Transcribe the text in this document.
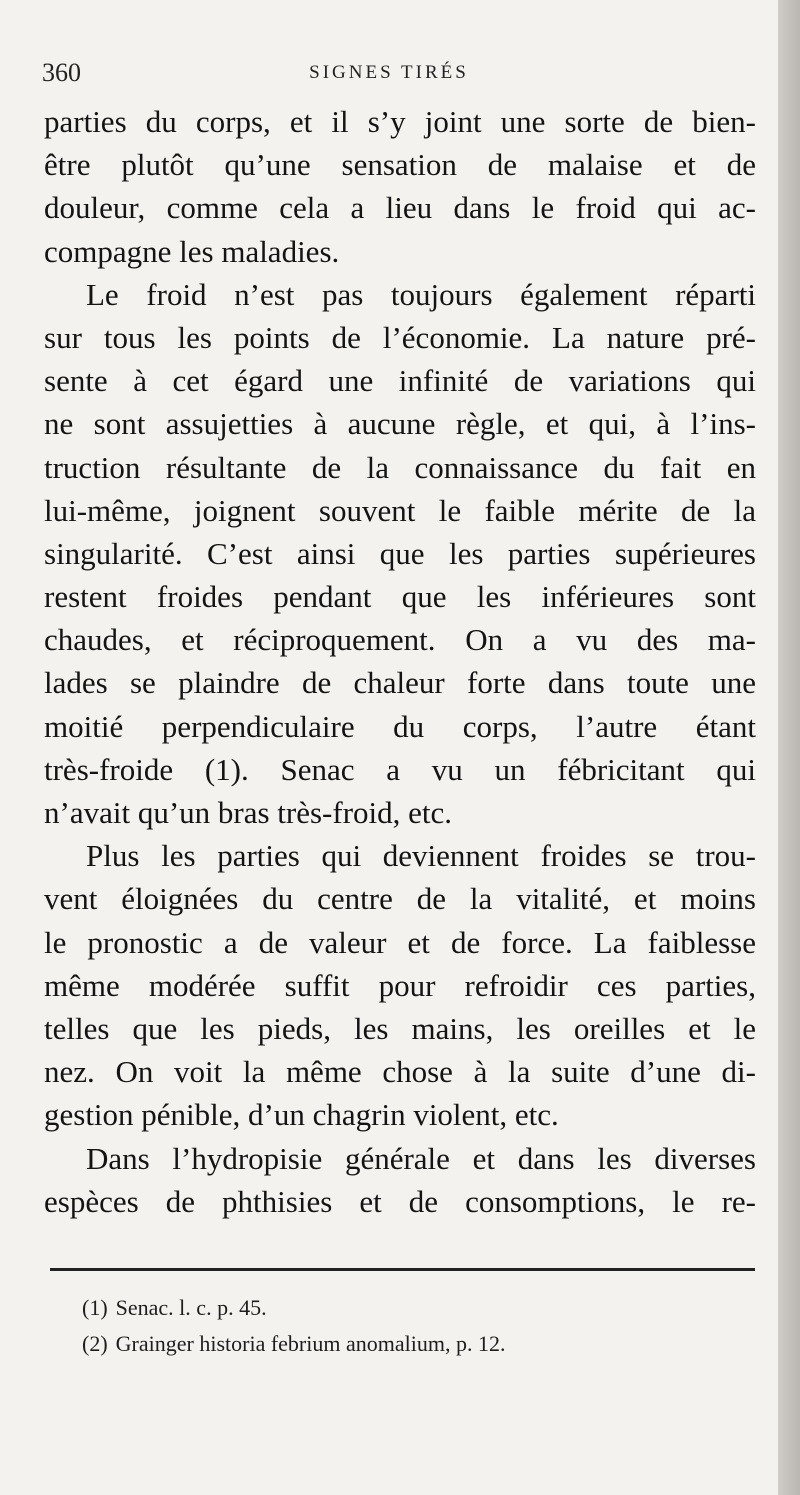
360	SIGNES TIRÉS
parties du corps, et il s’y joint une sorte de bien-
être plutôt qu’une sensation de malaise et de
douleur, comme cela a lieu dans le froid qui ac-
compagne les maladies.
Le froid n’est pas toujours également réparti
sur tous les points de l’économie. La nature pré-
sente à cet égard une infinité de variations qui
ne sont assujetties à aucune règle, et qui, à l’ins-
truction résultante de la connaissance du fait en
lui-même, joignent souvent le faible mérite de la
singularité. C’est ainsi que les parties supérieures
restent froides pendant que les inférieures sont
chaudes, et réciproquement. On a vu des ma-
lades se plaindre de chaleur forte dans toute une
moitié perpendiculaire du corps, l’autre étant
très-froide (1). Senac a vu un fébricitant qui
n’avait qu’un bras très-froid, etc.
Plus les parties qui deviennent froides se trou-
vent éloignées du centre de la vitalité, et moins
le pronostic a de valeur et de force. La faiblesse
même modérée suffit pour refroidir ces parties,
telles que les pieds, les mains, les oreilles et le
nez. On voit la même chose à la suite d’une di-
gestion pénible, d’un chagrin violent, etc.
Dans l’hydropisie générale et dans les diverses
espèces de phthisies et de consomptions, le re-
(1) Senac. l. c. p. 45.
(2) Grainger historia febrium anomalium, p. 12.
